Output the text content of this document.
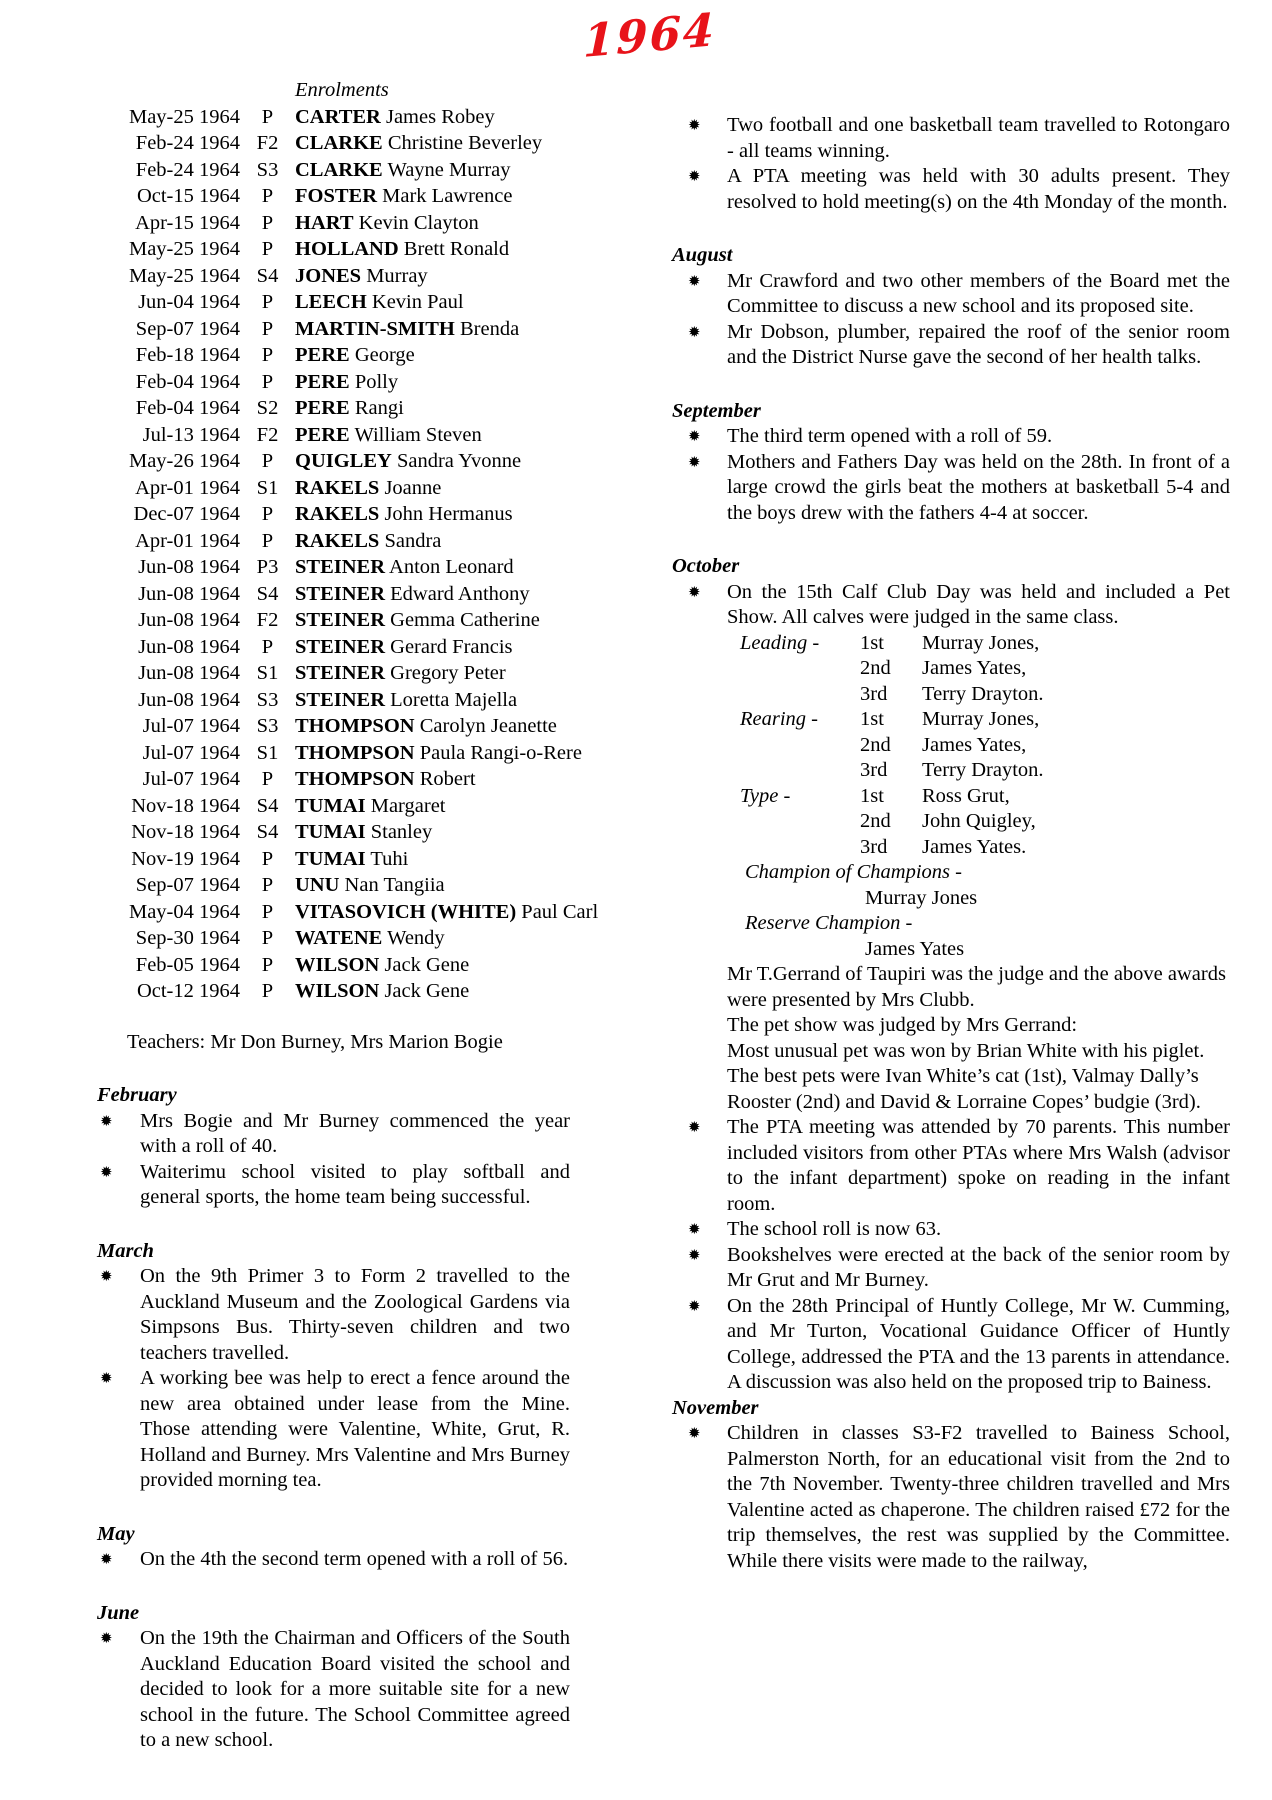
1964
Enrolments
May-25 1964	P	CARTER James Robey
Feb-24 1964 F2 CLARKE Christine Beverley
Feb-24 1964 S3 CLARKE Wayne Murray
Oct-15 1964	P	FOSTER Mark Lawrence
Apr-15 1964	P	HART Kevin Clayton
May-25 1964	P	HOLLAND Brett Ronald
May-25 1964 S4 JONES Murray
Jun-04 1964	P	LEECH Kevin Paul
Sep-07 1964	P	MARTIN-SMITH Brenda
Feb-18 1964	P	PERE George
Feb-04 1964	P	PERE Polly
Feb-04 1964 S2 PERE Rangi
Jul-13 1964 F2 PERE William Steven
May-26 1964	P	QUIGLEY Sandra Yvonne
Apr-01 1964 S1 RAKELS Joanne
Dec-07 1964	P	RAKELS John Hermanus
Apr-01 1964	P	RAKELS Sandra
Jun-08 1964 P3 STEINER Anton Leonard
Jun-08 1964 S4 STEINER Edward Anthony
Jun-08 1964 F2 STEINER Gemma Catherine
Jun-08 1964	P	STEINER Gerard Francis
Jun-08 1964 S1 STEINER Gregory Peter
Jun-08 1964 S3 STEINER Loretta Majella
Jul-07 1964 S3 THOMPSON Carolyn Jeanette
Jul-07 1964 S1 THOMPSON Paula Rangi-o-Rere
Jul-07 1964	P	THOMPSON Robert
Nov-18 1964 S4 TUMAI Margaret
Nov-18 1964 S4 TUMAI Stanley
Nov-19 1964	P	TUMAI Tuhi
Sep-07 1964	P	UNU Nan Tangiia
May-04 1964	P	VITASOVICH (WHITE) Paul Carl
Sep-30 1964	P	WATENE Wendy
Feb-05 1964	P	WILSON Jack Gene
Oct-12 1964	P	WILSON Jack Gene
Teachers: Mr Don Burney, Mrs Marion Bogie
February
✹	Mrs Bogie and Mr Burney commenced the year with a roll of 40.

✹	Waiterimu school visited to play softball and general sports, the home team being successful.

March
✹	On the 9th Primer 3 to Form 2 travelled to the Auckland Museum and the Zoological Gardens via Simpsons Bus. Thirty-seven children and two teachers travelled.

✹	A working bee was help to erect a fence around the new area obtained under lease from the Mine. Those attending were Valentine, White, Grut, R. Holland and Burney. Mrs Valentine and Mrs Burney provided morning tea.

May
✹	On the 4th the second term opened with a roll of 56.

June
✹	On the 19th the Chairman and Officers of the South Auckland Education Board visited the school and decided to look for a more suitable site for a new school in the future. The School Committee agreed to a new school.

✹	Two football and one basketball team travelled to Rotongaro - all teams winning.

✹	A PTA meeting was held with 30 adults present. They resolved to hold meeting(s) on the 4th Monday of the month.

August
✹	Mr Crawford and two other members of the Board met the Committee to discuss a new school and its proposed site.

✹	Mr Dobson, plumber, repaired the roof of the senior room and the District Nurse gave the second of her health talks.

September
✹	The third term opened with a roll of 59.

✹	Mothers and Fathers Day was held on the 28th. In front of a large crowd the girls beat the mothers at basketball 5-4 and the boys drew with the fathers 4-4 at soccer.

October
✹	On the 15th Calf Club Day was held and included a Pet Show. All calves were judged in the same class.

Leading -	1st	Murray Jones,
2nd	James Yates,
3rd	Terry Drayton.
Rearing -	1st	Murray Jones,
2nd	James Yates,
3rd	Terry Drayton.
Type -	1st	Ross Grut,
2nd	John Quigley,
3rd	James Yates.

Champion of Champions -

Murray Jones

Reserve Champion -

James Yates

Mr T.Gerrand of Taupiri was the judge and the above awards were presented by Mrs Clubb.

The pet show was judged by Mrs Gerrand:

Most unusual pet was won by Brian White with his piglet.

The best pets were Ivan White’s cat (1st), Valmay Dally’s Rooster (2nd) and David & Lorraine Copes’ budgie (3rd).

✹	The PTA meeting was attended by 70 parents. This number included visitors from other PTAs where Mrs Walsh (advisor to the infant department) spoke on reading in the infant room.

✹	The school roll is now 63.

✹	Bookshelves were erected at the back of the senior room by Mr Grut and Mr Burney.

✹	On the 28th Principal of Huntly College, Mr W. Cumming, and Mr Turton, Vocational Guidance Officer of Huntly College, addressed the PTA and the 13 parents in attendance. A discussion was also held on the proposed trip to Bainess.

November
✹	Children in classes S3-F2 travelled to Bainess School, Palmerston North, for an educational visit from the 2nd to the 7th November. Twenty-three children travelled and Mrs Valentine acted as chaperone. The children raised £72 for the trip themselves, the rest was supplied by the Committee. While there visits were made to the railway,
